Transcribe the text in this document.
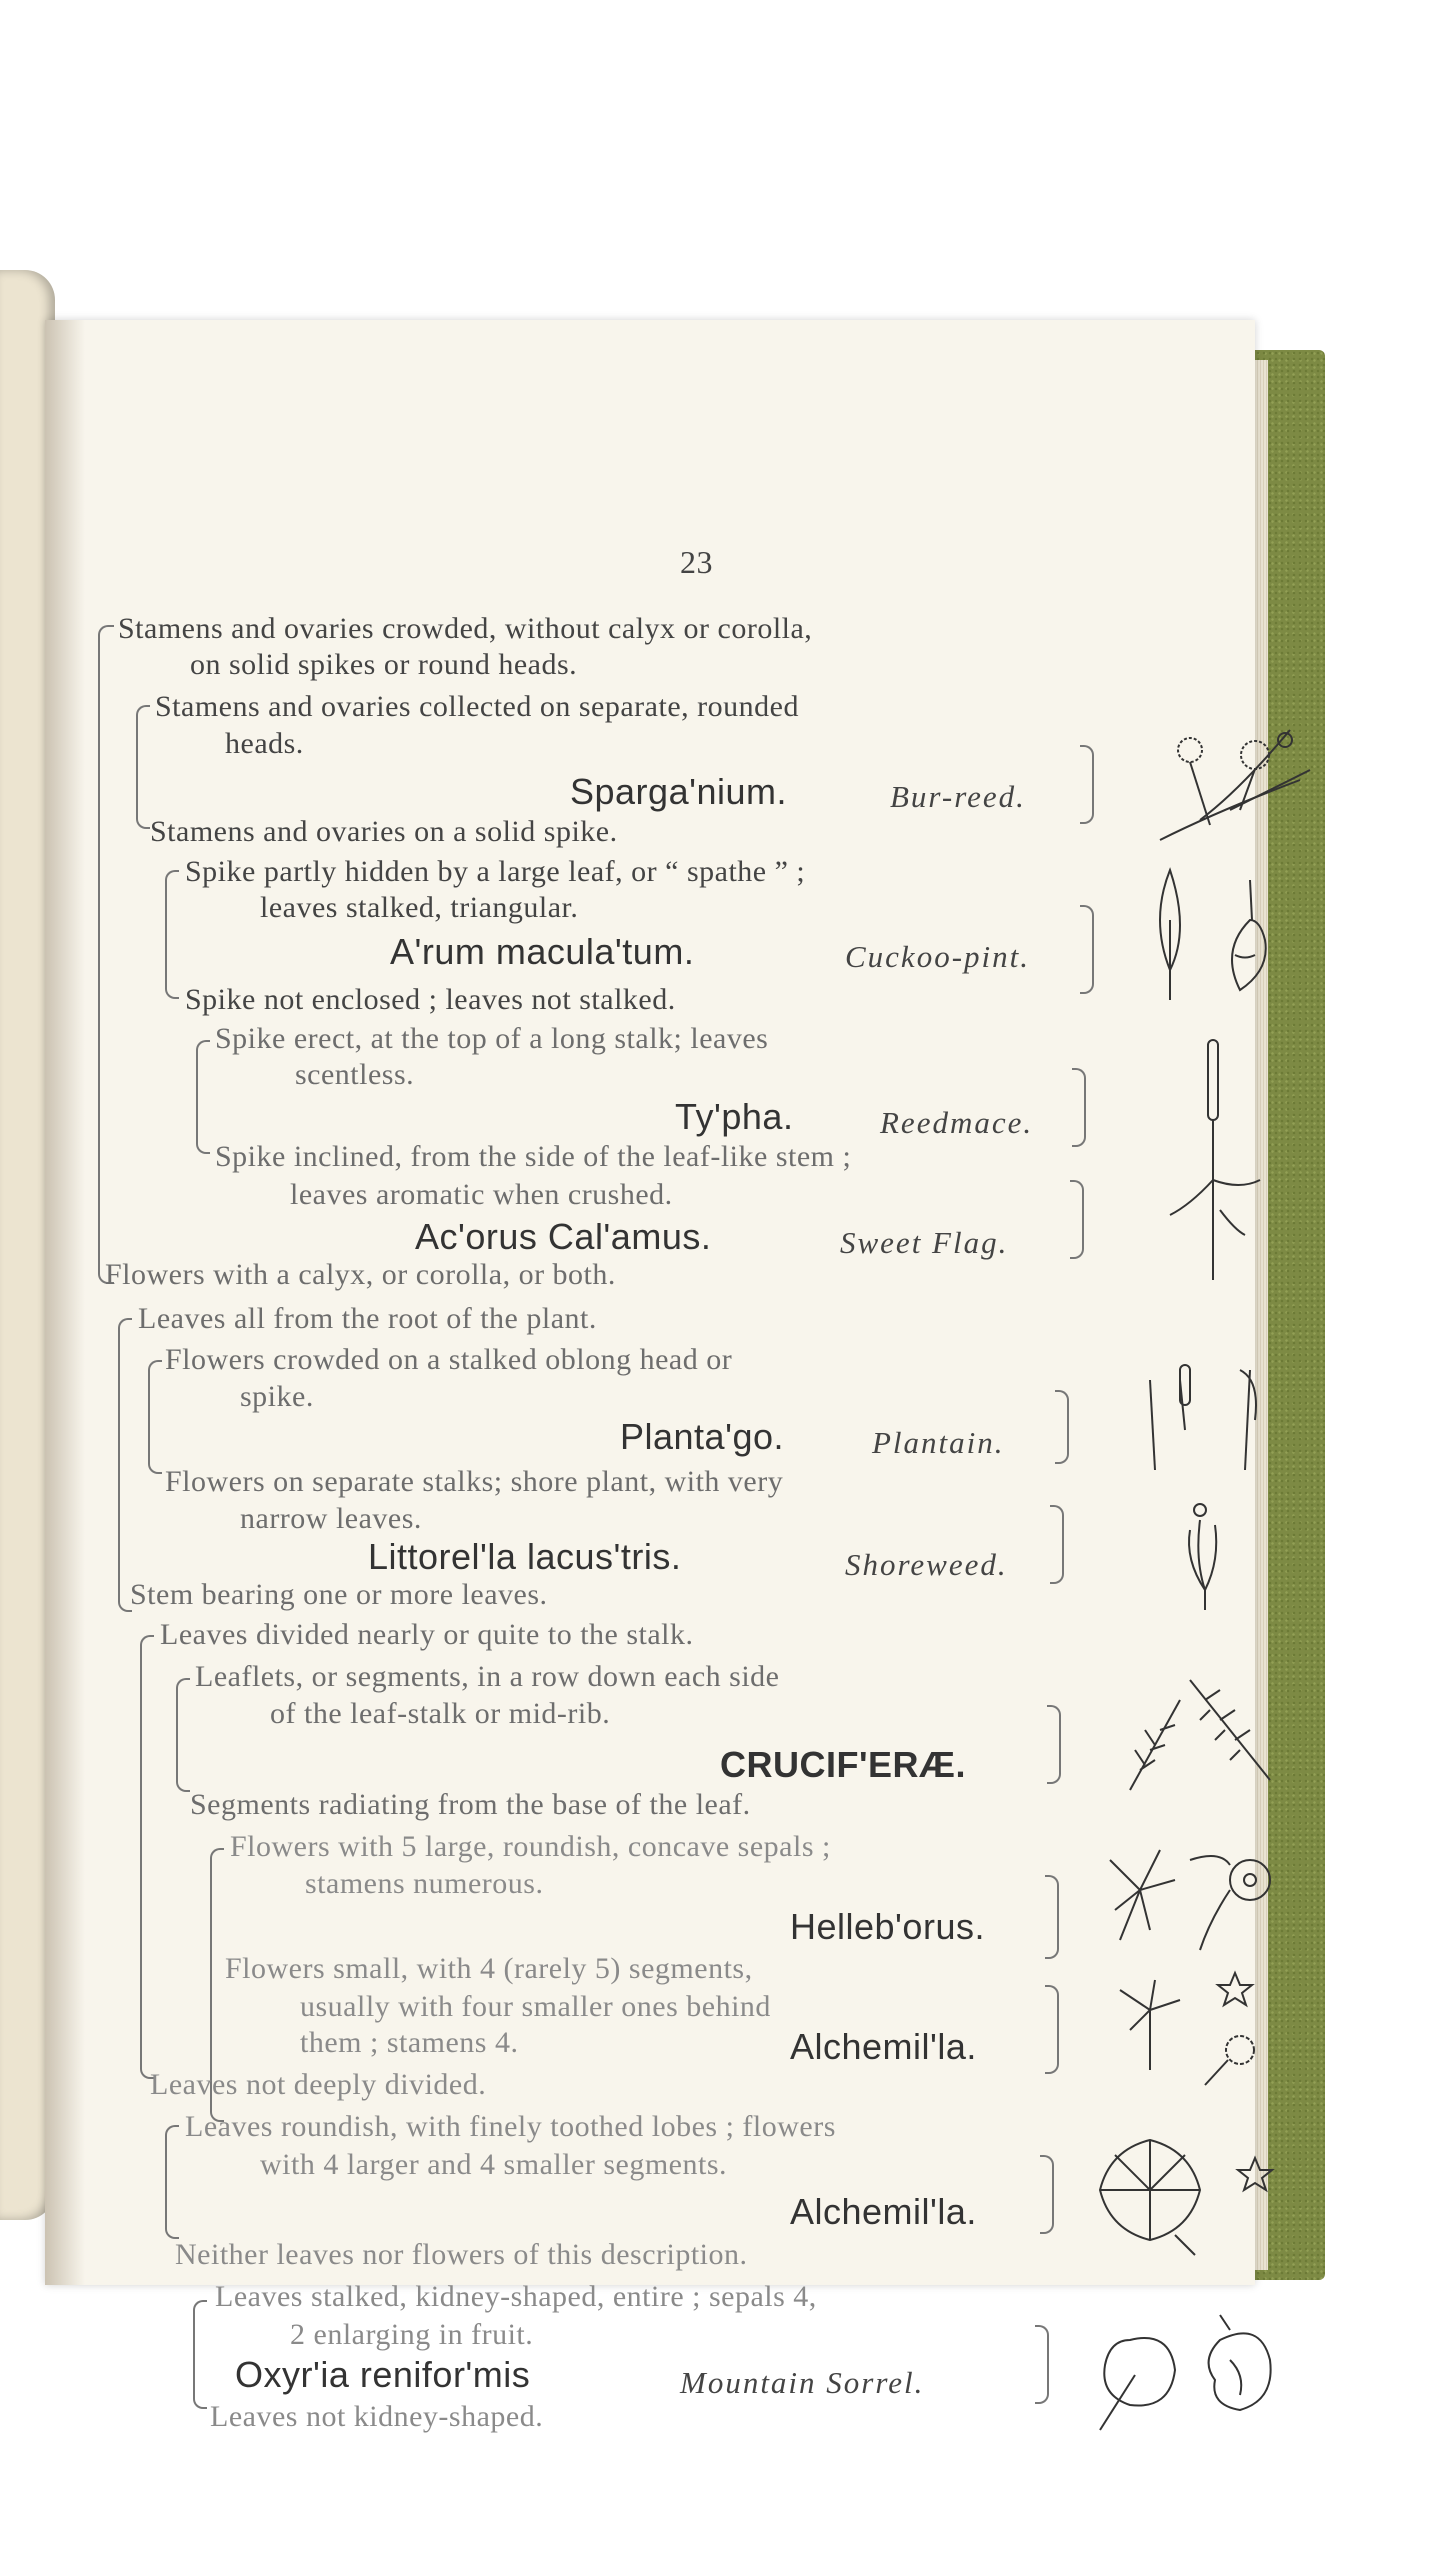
23
Stamens and ovaries crowded, without calyx or corolla,
on solid spikes or round heads.
Stamens and ovaries collected on separate, rounded
heads.
Sparga'nium.	Bur-reed.
Stamens and ovaries on a solid spike.
Spike partly hidden by a large leaf, or “ spathe ” ;
leaves stalked, triangular.
A'rum macula'tum.	Cuckoo-pint.
Spike not enclosed ; leaves not stalked.
Spike erect, at the top of a long stalk; leaves
scentless.
Ty'pha.	Reedmace.
Spike inclined, from the side of the leaf-like stem ;
leaves aromatic when crushed.
Ac'orus Cal'amus.	Sweet Flag.
Flowers with a calyx, or corolla, or both.
Leaves all from the root of the plant.
Flowers crowded on a stalked oblong head or
spike.
Planta'go.	Plantain.
Flowers on separate stalks; shore plant, with very
narrow leaves.
Littorel'la lacus'tris.	Shoreweed.
Stem bearing one or more leaves.
Leaves divided nearly or quite to the stalk.
Leaflets, or segments, in a row down each side
of the leaf-stalk or mid-rib.
CRUCIF'ERÆ.
Segments radiating from the base of the leaf.
Flowers with 5 large, roundish, concave sepals ;
stamens numerous.
Helleb'orus.
Flowers small, with 4 (rarely 5) segments,
usually with four smaller ones behind
them ; stamens 4.	Alchemil'la.
Leaves not deeply divided.
Leaves roundish, with finely toothed lobes ; flowers
with 4 larger and 4 smaller segments.
Alchemil'la.
Neither leaves nor flowers of this description.
Leaves stalked, kidney-shaped, entire ; sepals 4,
2 enlarging in fruit.
Oxyr'ia renifor'mis	Mountain Sorrel.
Leaves not kidney-shaped.
